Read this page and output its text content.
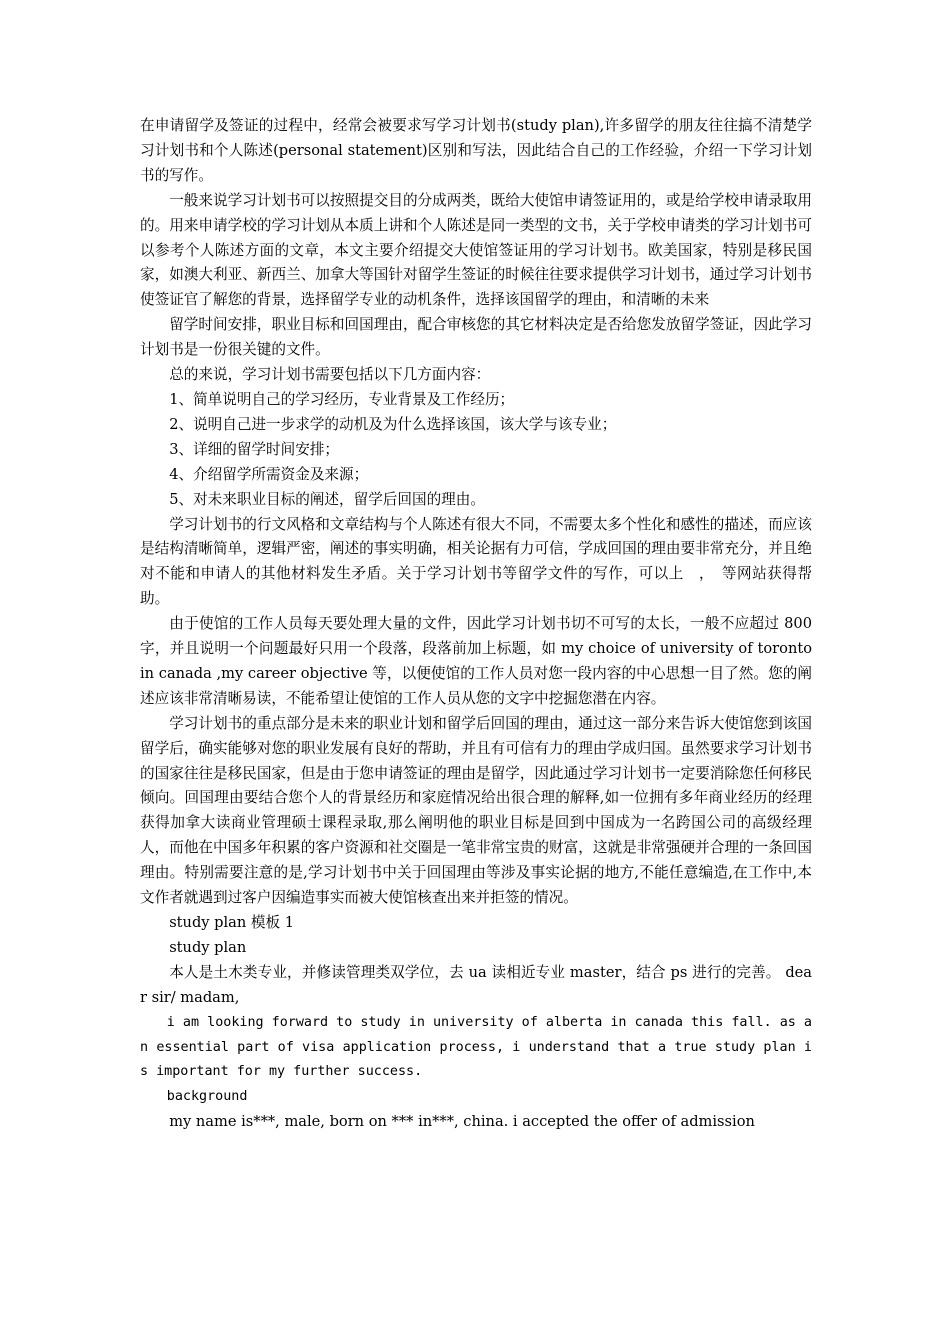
在申请留学及签证的过程中，经常会被要求写学习计划书(study plan),许多留学的朋友往往搞不清楚学习计划书和个人陈述(personal statement)区别和写法，因此结合自己的工作经验，介绍一下学习计划书的写作。

一般来说学习计划书可以按照提交目的分成两类，既给大使馆申请签证用的，或是给学校申请录取用的。用来申请学校的学习计划从本质上讲和个人陈述是同一类型的文书，关于学校申请类的学习计划书可以参考个人陈述方面的文章，本文主要介绍提交大使馆签证用的学习计划书。欧美国家，特别是移民国家，如澳大利亚、新西兰、加拿大等国针对留学生签证的时候往往要求提供学习计划书，通过学习计划书使签证官了解您的背景，选择留学专业的动机条件，选择该国留学的理由，和清晰的未来

留学时间安排，职业目标和回国理由，配合审核您的其它材料决定是否给您发放留学签证，因此学习计划书是一份很关键的文件。

总的来说，学习计划书需要包括以下几方面内容：

1、简单说明自己的学习经历，专业背景及工作经历；

2、说明自己进一步求学的动机及为什么选择该国，该大学与该专业；

3、详细的留学时间安排；

4、介绍留学所需资金及来源；

5、对未来职业目标的阐述，留学后回国的理由。

学习计划书的行文风格和文章结构与个人陈述有很大不同，不需要太多个性化和感性的描述，而应该是结构清晰简单，逻辑严密，阐述的事实明确，相关论据有力可信，学成回国的理由要非常充分，并且绝对不能和申请人的其他材料发生矛盾。关于学习计划书等留学文件的写作，可以上　，　等网站获得帮助。

由于使馆的工作人员每天要处理大量的文件，因此学习计划书切不可写的太长，一般不应超过 800 字，并且说明一个问题最好只用一个段落，段落前加上标题，如 my choice of university of toronto in canada ,my career objective 等，以便使馆的工作人员对您一段内容的中心思想一目了然。您的阐述应该非常清晰易读，不能希望让使馆的工作人员从您的文字中挖掘您潜在内容。

学习计划书的重点部分是未来的职业计划和留学后回国的理由，通过这一部分来告诉大使馆您到该国留学后，确实能够对您的职业发展有良好的帮助，并且有可信有力的理由学成归国。虽然要求学习计划书的国家往往是移民国家，但是由于您申请签证的理由是留学，因此通过学习计划书一定要消除您任何移民倾向。回国理由要结合您个人的背景经历和家庭情况给出很合理的解释,如一位拥有多年商业经历的经理获得加拿大读商业管理硕士课程录取,那么阐明他的职业目标是回到中国成为一名跨国公司的高级经理人，而他在中国多年积累的客户资源和社交圈是一笔非常宝贵的财富，这就是非常强硬并合理的一条回国理由。特别需要注意的是,学习计划书中关于回国理由等涉及事实论据的地方,不能任意编造,在工作中,本文作者就遇到过客户因编造事实而被大使馆核查出来并拒签的情况。

study plan 模板 1

study plan

本人是土木类专业，并修读管理类双学位，去 ua 读相近专业 master，结合 ps 进行的完善。 dear sir/ madam,

i am looking forward to study in university of alberta in canada this fall. as an essential part of visa application process, i understand that a true study plan is important for my further success.

background

my name is***, male, born on *** in***, china. i accepted the offer of admission
